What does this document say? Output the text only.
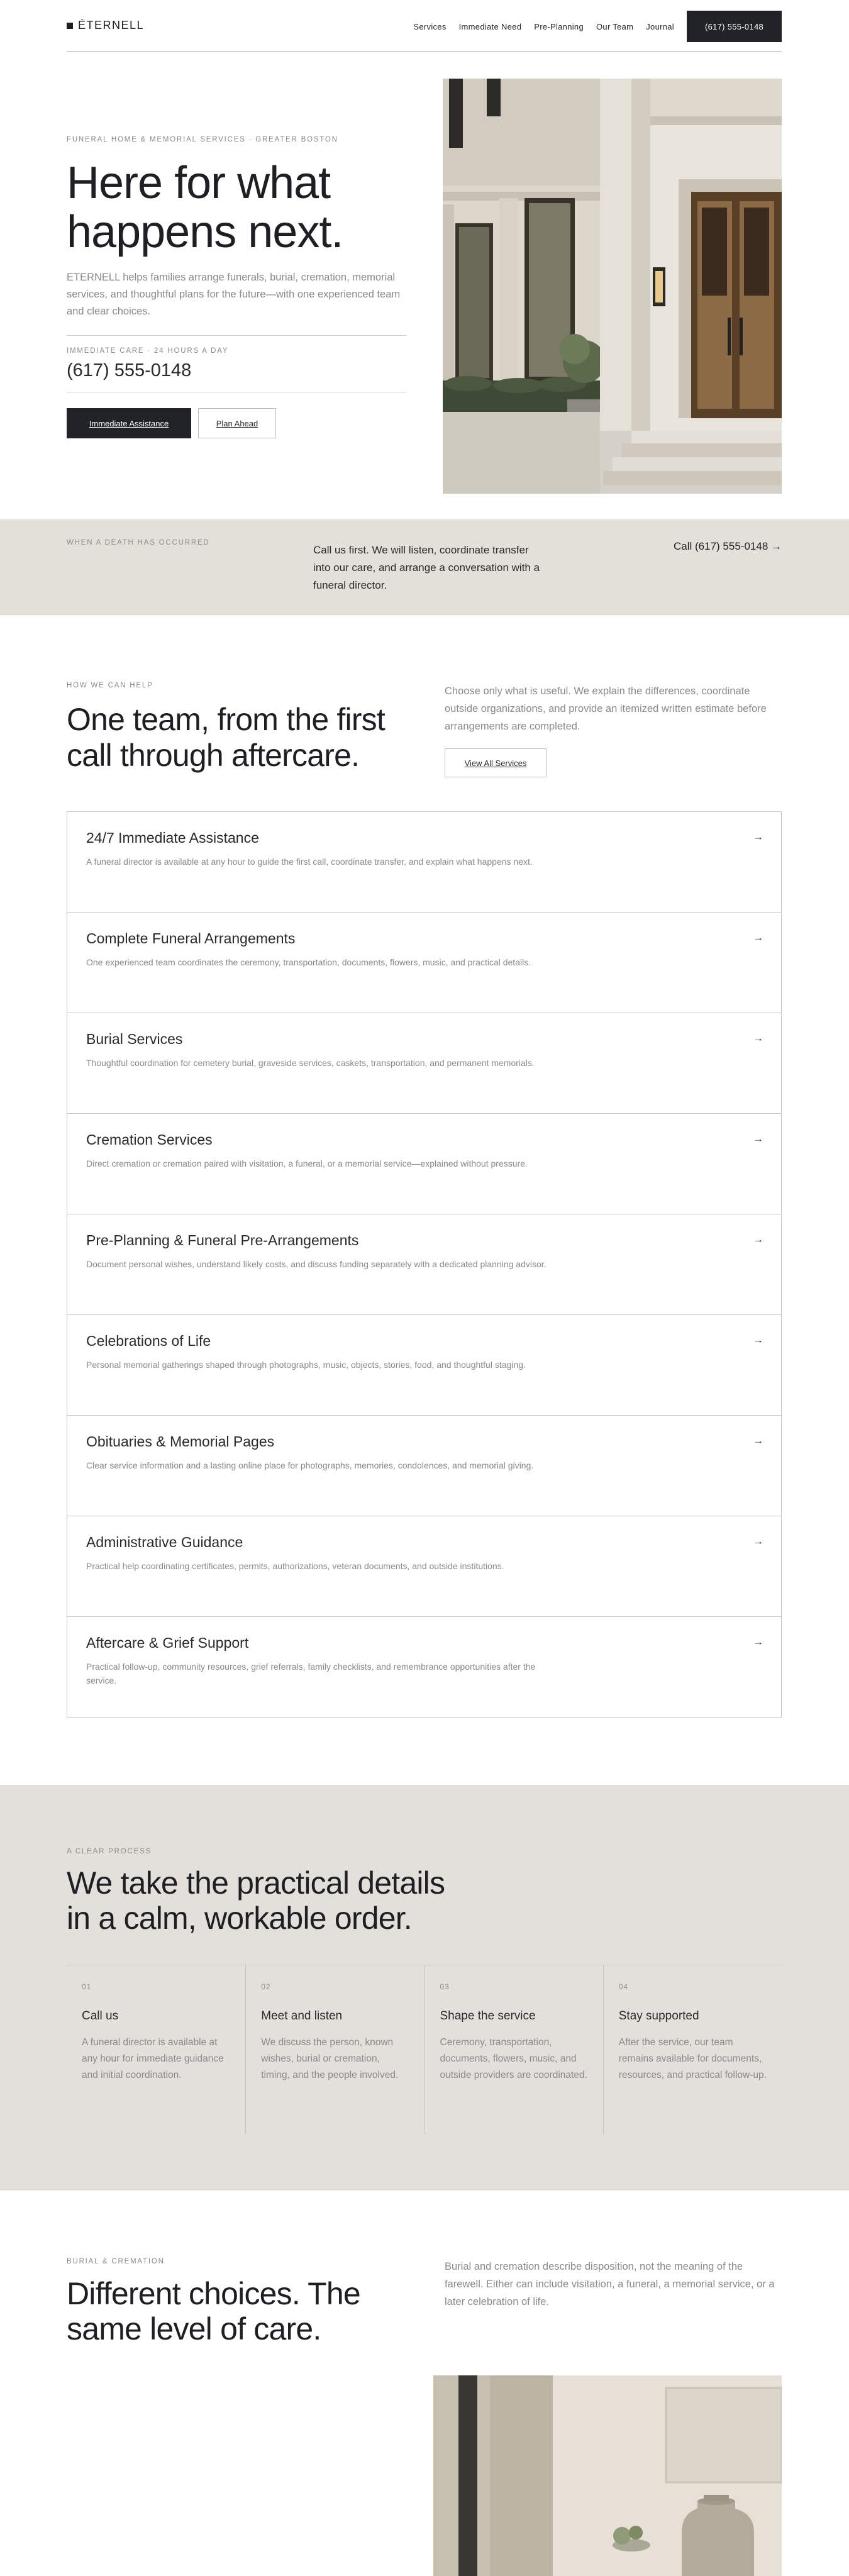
ÉTERNELL	Services Immediate Need Pre-Planning Our Team Journal	(617) 555-0148
FUNERAL HOME & MEMORIAL SERVICES · GREATER BOSTON
Here for what happens next.

ETERNELL helps families arrange funerals, burial, cremation, memorial services, and thoughtful plans for the future—with one experienced team and clear choices.

IMMEDIATE CARE · 24 HOURS A DAY
(617) 555-0148
Immediate Assistance	Plan Ahead
WHEN A DEATH HAS OCCURRED

Call us first. We will listen, coordinate transfer into our care, and arrange a conversation with a funeral director.

Call (617) 555-0148 →
HOW WE CAN HELP
One team, from the first call through aftercare.

Choose only what is useful. We explain the differences, coordinate outside organizations, and provide an itemized written estimate before arrangements are completed.

View All Services
24/7 Immediate Assistance
A funeral director is available at any hour to guide the first call, coordinate transfer, and explain what happens next.
→
Complete Funeral Arrangements
One experienced team coordinates the ceremony, transportation, documents, flowers, music, and practical details.
→
Burial Services
Thoughtful coordination for cemetery burial, graveside services, caskets, transportation, and permanent memorials.
→
Cremation Services
Direct cremation or cremation paired with visitation, a funeral, or a memorial service—explained without pressure.
→
Pre-Planning & Funeral Pre-Arrangements
Document personal wishes, understand likely costs, and discuss funding separately with a dedicated planning advisor.
→
Celebrations of Life
Personal memorial gatherings shaped through photographs, music, objects, stories, food, and thoughtful staging.
→
Obituaries & Memorial Pages
Clear service information and a lasting online place for photographs, memories, condolences, and memorial giving.
→
Administrative Guidance
Practical help coordinating certificates, permits, authorizations, veteran documents, and outside institutions.
→
Aftercare & Grief Support
Practical follow-up, community resources, grief referrals, family checklists, and remembrance opportunities after the service.
→
A CLEAR PROCESS
We take the practical details in a calm, workable order.
01
Call us
A funeral director is available at any hour for immediate guidance and initial coordination.
02
Meet and listen
We discuss the person, known wishes, burial or cremation, timing, and the people involved.
03
Shape the service
Ceremony, transportation, documents, flowers, music, and outside providers are coordinated.
04
Stay supported
After the service, our team remains available for documents, resources, and practical follow-up.
BURIAL & CREMATION
Different choices. The same level of care.

Burial and cremation describe disposition, not the meaning of the farewell. Either can include visitation, a funeral, a memorial service, or a later celebration of life.
